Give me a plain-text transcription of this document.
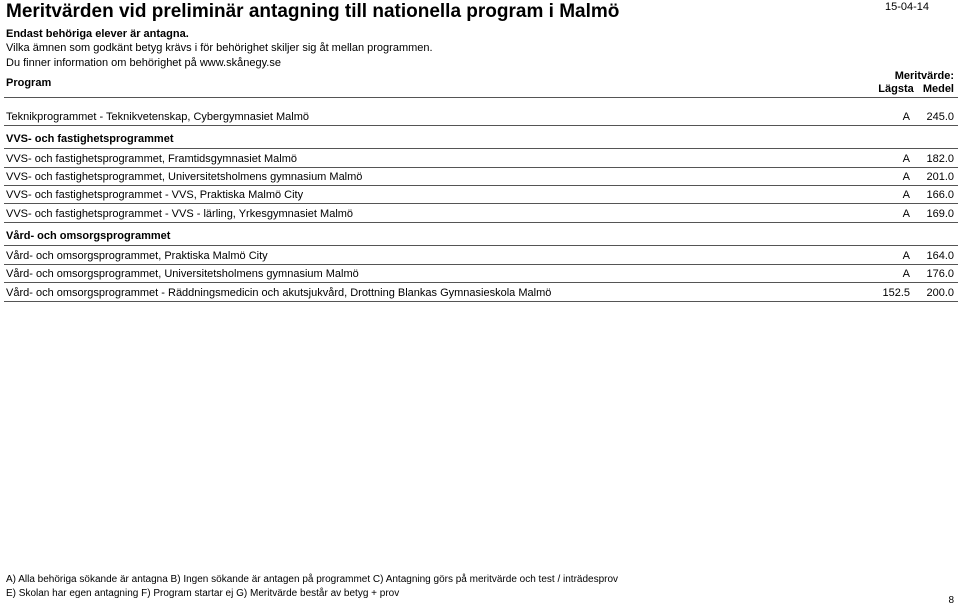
Meritvärden vid preliminär antagning till nationella program i Malmö	15-04-14
Endast behöriga elever är antagna.
Vilka ämnen som godkänt betyg krävs i för behörighet skiljer sig åt mellan programmen.
Du finner information om behörighet på www.skånegy.se
Program
Meritvärde:
Lägsta Medel
Teknikprogrammet - Teknikvetenskap, Cybergymnasiet Malmö	A 245.0
VVS- och fastighetsprogrammet
VVS- och fastighetsprogrammet, Framtidsgymnasiet Malmö	A 182.0
VVS- och fastighetsprogrammet, Universitetsholmens gymnasium Malmö	A 201.0
VVS- och fastighetsprogrammet - VVS, Praktiska Malmö City	A 166.0
VVS- och fastighetsprogrammet - VVS - lärling, Yrkesgymnasiet Malmö	A 169.0
Vård- och omsorgsprogrammet
Vård- och omsorgsprogrammet, Praktiska Malmö City	A 164.0
Vård- och omsorgsprogrammet, Universitetsholmens gymnasium Malmö	A 176.0
Vård- och omsorgsprogrammet - Räddningsmedicin och akutsjukvård, Drottning Blankas Gymnasieskola Malmö	152.5 200.0
A) Alla behöriga sökande är antagna B) Ingen sökande är antagen på programmet C) Antagning görs på meritvärde och test / inträdesprov
E) Skolan har egen antagning F) Program startar ej G) Meritvärde består av betyg + prov
8
